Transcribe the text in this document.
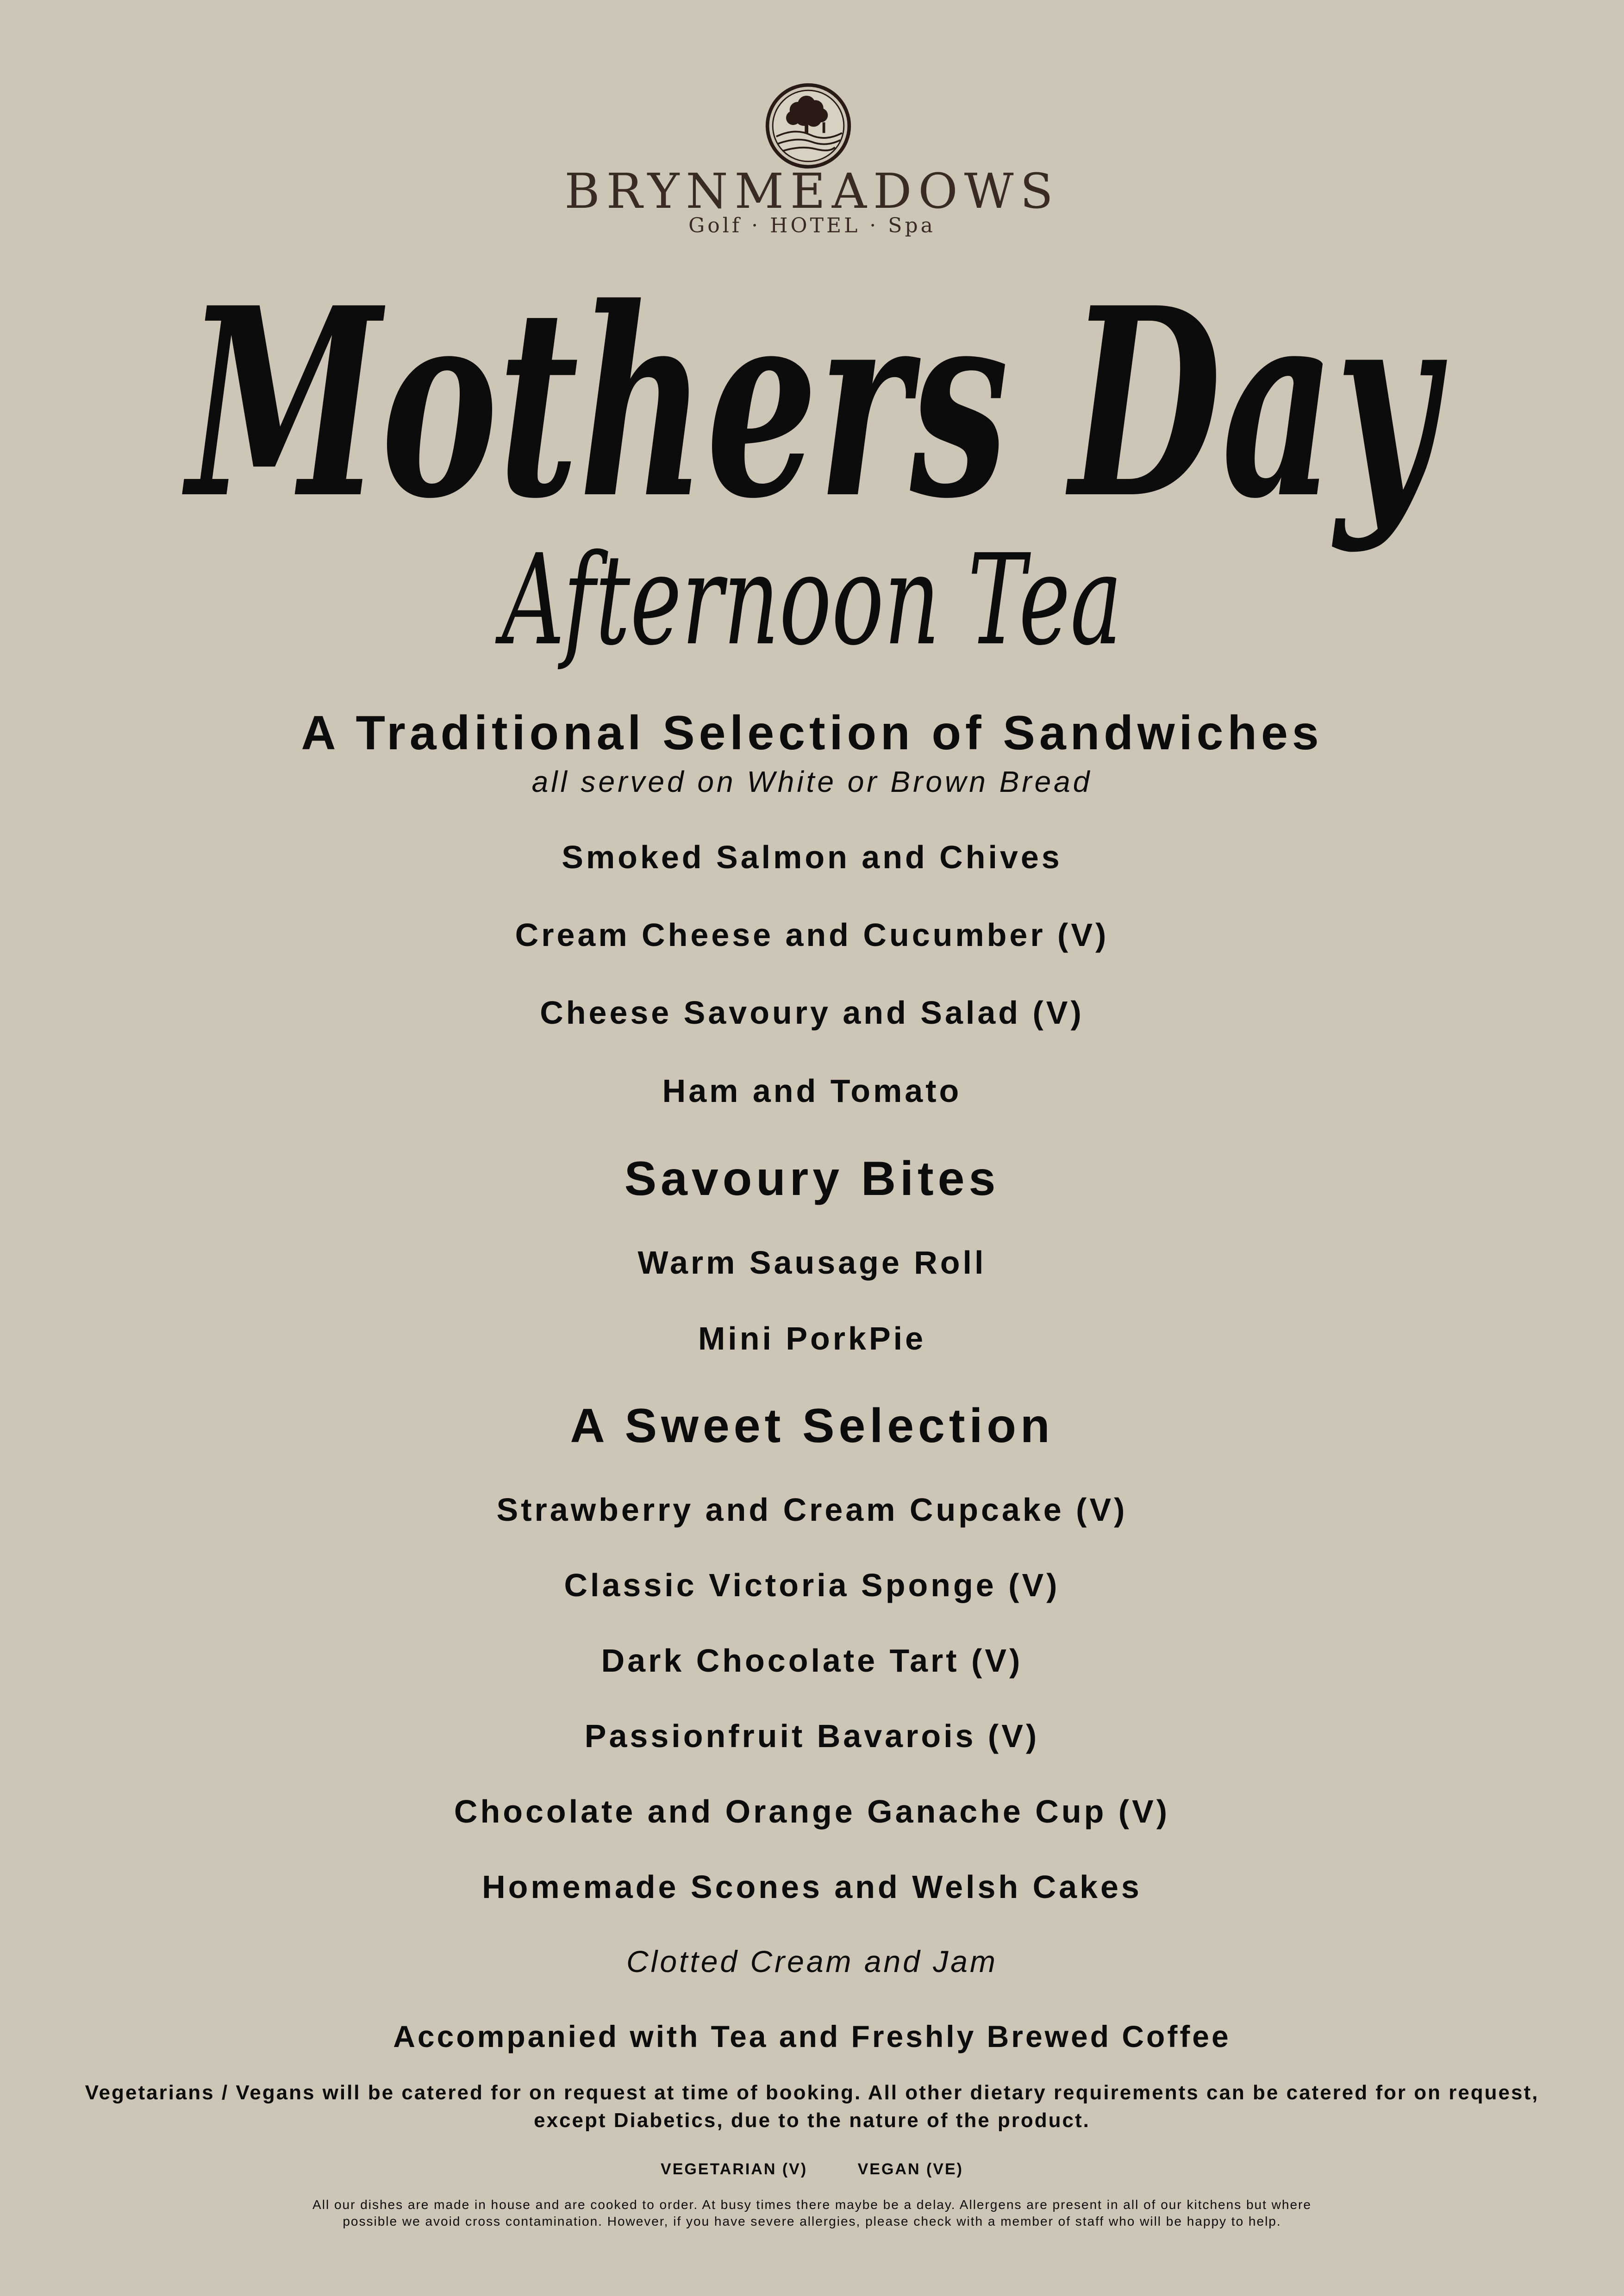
BRYNMEADOWS
Golf · HOTEL · Spa
Mothers Day
Afternoon Tea
A Traditional Selection of Sandwiches
all served on White or Brown Bread
Smoked Salmon and Chives
Cream Cheese and Cucumber (V)
Cheese Savoury and Salad (V)
Ham and Tomato
Savoury Bites
Warm Sausage Roll
Mini PorkPie
A Sweet Selection
Strawberry and Cream Cupcake (V)
Classic Victoria Sponge (V)
Dark Chocolate Tart (V)
Passionfruit Bavarois (V)
Chocolate and Orange Ganache Cup (V)
Homemade Scones and Welsh Cakes
Clotted Cream and Jam
Accompanied with Tea and Freshly Brewed Coffee
Vegetarians / Vegans will be catered for on request at time of booking. All other dietary requirements can be catered for on request,
except Diabetics, due to the nature of the product.
VEGETARIAN (V)	VEGAN (VE)
All our dishes are made in house and are cooked to order. At busy times there maybe be a delay. Allergens are present in all of our kitchens but where
possible we avoid cross contamination. However, if you have severe allergies, please check with a member of staff who will be happy to help.
